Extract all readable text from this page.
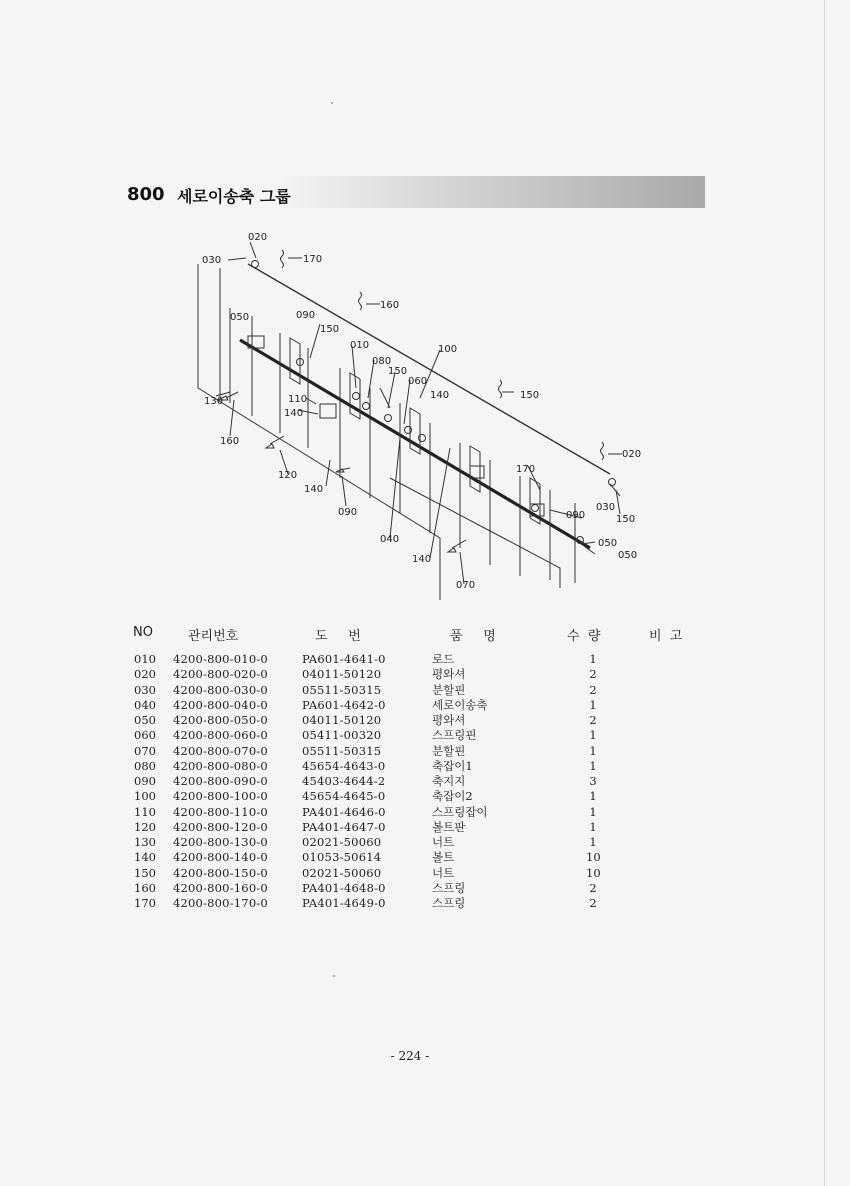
800 세로이송축 그룹
020
030	170
160
050	090
150
100
010
080
150
060
130	110
140
160
150
140
120
140
090
170
020
030
150
090
040
140
070
050
050
NO	관리번호	도     번	품     명	수  량	비  고
010 4200-800-010-0	PA601-4641-0	로드	1
020 4200-800-020-0	04011-50120	평와셔	2
030 4200-800-030-0	05511-50315	분할핀	2
040 4200-800-040-0	PA601-4642-0	세로이송축	1
050 4200-800-050-0	04011-50120	평와셔	2
060 4200-800-060-0	05411-00320	스프링핀	1
070 4200-800-070-0	05511-50315	분할핀	1
080 4200-800-080-0	45654-4643-0	축잡이1	1
090 4200-800-090-0	45403-4644-2	축지지	3
100 4200-800-100-0	45654-4645-0	축잡이2	1
110 4200-800-110-0	PA401-4646-0	스프링잡이	1
120 4200-800-120-0	PA401-4647-0	볼트판	1
130 4200-800-130-0	02021-50060	너트	1
140 4200-800-140-0	01053-50614	볼트	10
150 4200-800-150-0	02021-50060	너트	10
160 4200-800-160-0	PA401-4648-0	스프링	2
170 4200-800-170-0	PA401-4649-0	스프링	2
- 224 -
